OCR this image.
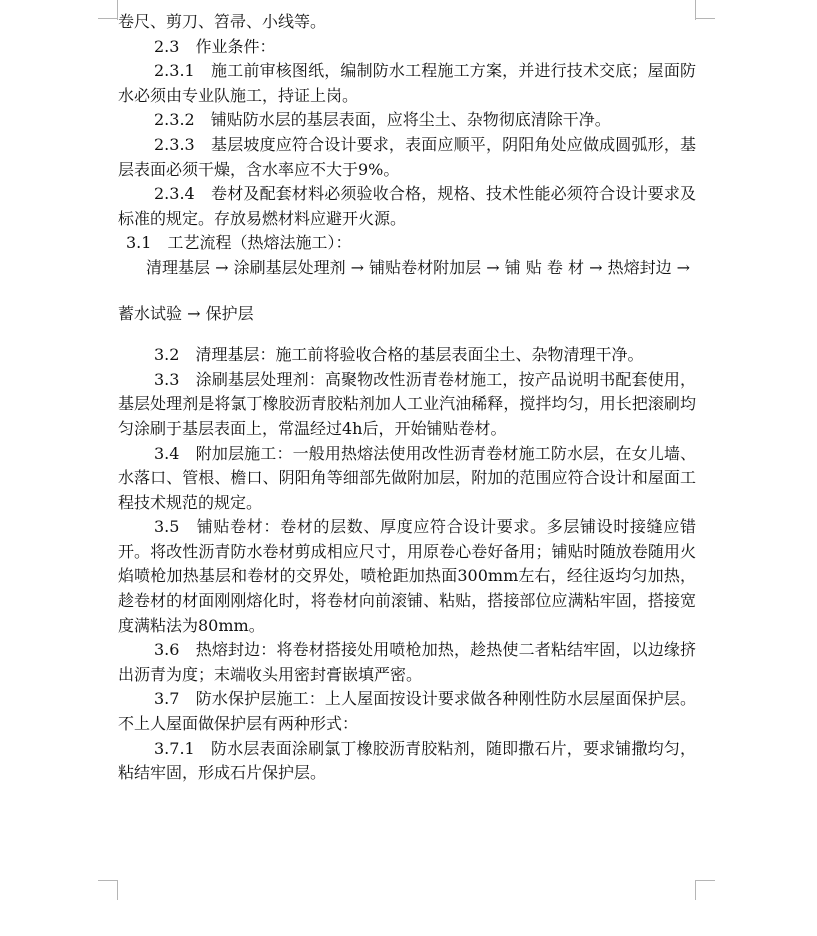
卷尺、剪刀、笤帚、小线等。

2.3　作业条件：

2.3.1　施工前审核图纸，编制防水工程施工方案，并进行技术交底；屋面防水必须由专业队施工，持证上岗。

2.3.2　铺贴防水层的基层表面，应将尘土、杂物彻底清除干净。

2.3.3　基层坡度应符合设计要求，表面应顺平，阴阳角处应做成圆弧形，基层表面必须干燥，含水率应不大于9%。

2.3.4　卷材及配套材料必须验收合格，规格、技术性能必须符合设计要求及标准的规定。存放易燃材料应避开火源。

3.1　工艺流程（热熔法施工）：

清理基层 → 涂刷基层处理剂 → 铺贴卷材附加层 → 铺 贴 卷 材 → 热熔封边 →

蓄水试验 → 保护层

3.2　清理基层：施工前将验收合格的基层表面尘土、杂物清理干净。

3.3　涂刷基层处理剂：高聚物改性沥青卷材施工，按产品说明书配套使用，基层处理剂是将氯丁橡胶沥青胶粘剂加人工业汽油稀释，搅拌均匀，用长把滚刷均匀涂刷于基层表面上，常温经过4h后，开始铺贴卷材。

3.4　附加层施工：一般用热熔法使用改性沥青卷材施工防水层，在女儿墙、水落口、管根、檐口、阴阳角等细部先做附加层，附加的范围应符合设计和屋面工程技术规范的规定。

3.5　铺贴卷材：卷材的层数、厚度应符合设计要求。多层铺设时接缝应错开。将改性沥青防水卷材剪成相应尺寸，用原卷心卷好备用；铺贴时随放卷随用火焰喷枪加热基层和卷材的交界处，喷枪距加热面300mm左右，经往返均匀加热，趁卷材的材面刚刚熔化时，将卷材向前滚铺、粘贴，搭接部位应满粘牢固，搭接宽度满粘法为80mm。

3.6　热熔封边：将卷材搭接处用喷枪加热，趁热使二者粘结牢固，以边缘挤出沥青为度；末端收头用密封膏嵌填严密。

3.7　防水保护层施工：上人屋面按设计要求做各种刚性防水层屋面保护层。不上人屋面做保护层有两种形式：

3.7.1　防水层表面涂刷氯丁橡胶沥青胶粘剂，随即撒石片，要求铺撒均匀，粘结牢固，形成石片保护层。
